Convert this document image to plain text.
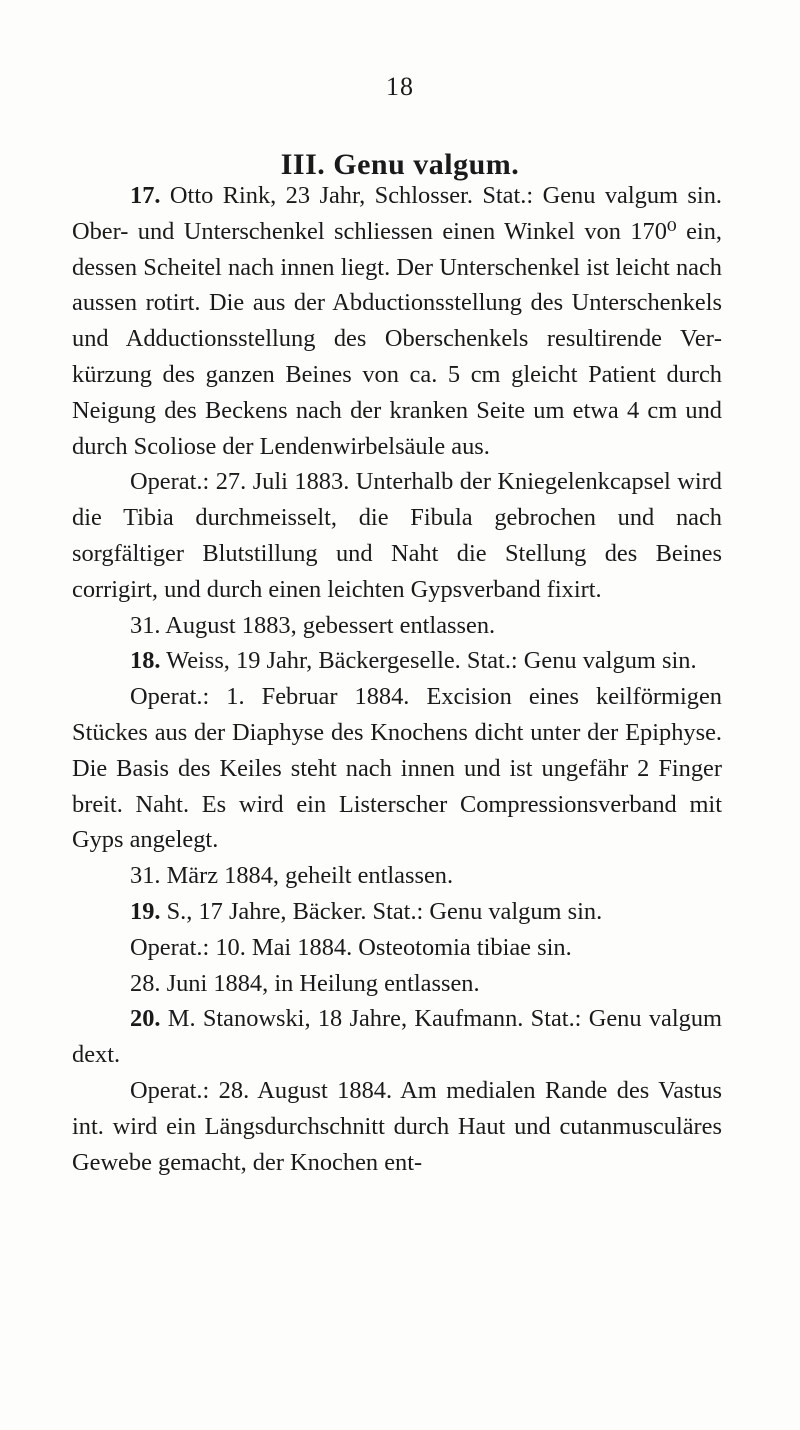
18
III. Genu valgum.

17. Otto Rink, 23 Jahr, Schlosser. Stat.: Genu valgum sin. Ober- und Unterschenkel schliessen einen Winkel von 170⁰ ein, dessen Scheitel nach innen liegt. Der Unterschenkel ist leicht nach aussen rotirt. Die aus der Abductionsstellung des Unterschenkels und Adductionsstellung des Oberschenkels resultirende Verkürzung des ganzen Beines von ca. 5 cm gleicht Patient durch Neigung des Beckens nach der kranken Seite um etwa 4 cm und durch Scoliose der Lendenwirbelsäule aus.

Operat.: 27. Juli 1883. Unterhalb der Kniegelenkcapsel wird die Tibia durchmeisselt, die Fibula gebrochen und nach sorgfältiger Blutstillung und Naht die Stellung des Beines corrigirt, und durch einen leichten Gypsverband fixirt.

31. August 1883, gebessert entlassen.

18. Weiss, 19 Jahr, Bäckergeselle. Stat.: Genu valgum sin.

Operat.: 1. Februar 1884. Excision eines keilförmigen Stückes aus der Diaphyse des Knochens dicht unter der Epiphyse. Die Basis des Keiles steht nach innen und ist ungefähr 2 Finger breit. Naht. Es wird ein Listerscher Compressionsverband mit Gyps angelegt.

31. März 1884, geheilt entlassen.

19. S., 17 Jahre, Bäcker. Stat.: Genu valgum sin.

Operat.: 10. Mai 1884. Osteotomia tibiae sin.

28. Juni 1884, in Heilung entlassen.

20. M. Stanowski, 18 Jahre, Kaufmann. Stat.: Genu valgum dext.

Operat.: 28. August 1884. Am medialen Rande des Vastus int. wird ein Längsdurchschnitt durch Haut und cutanmusculäres Gewebe gemacht, der Knochen ent-
